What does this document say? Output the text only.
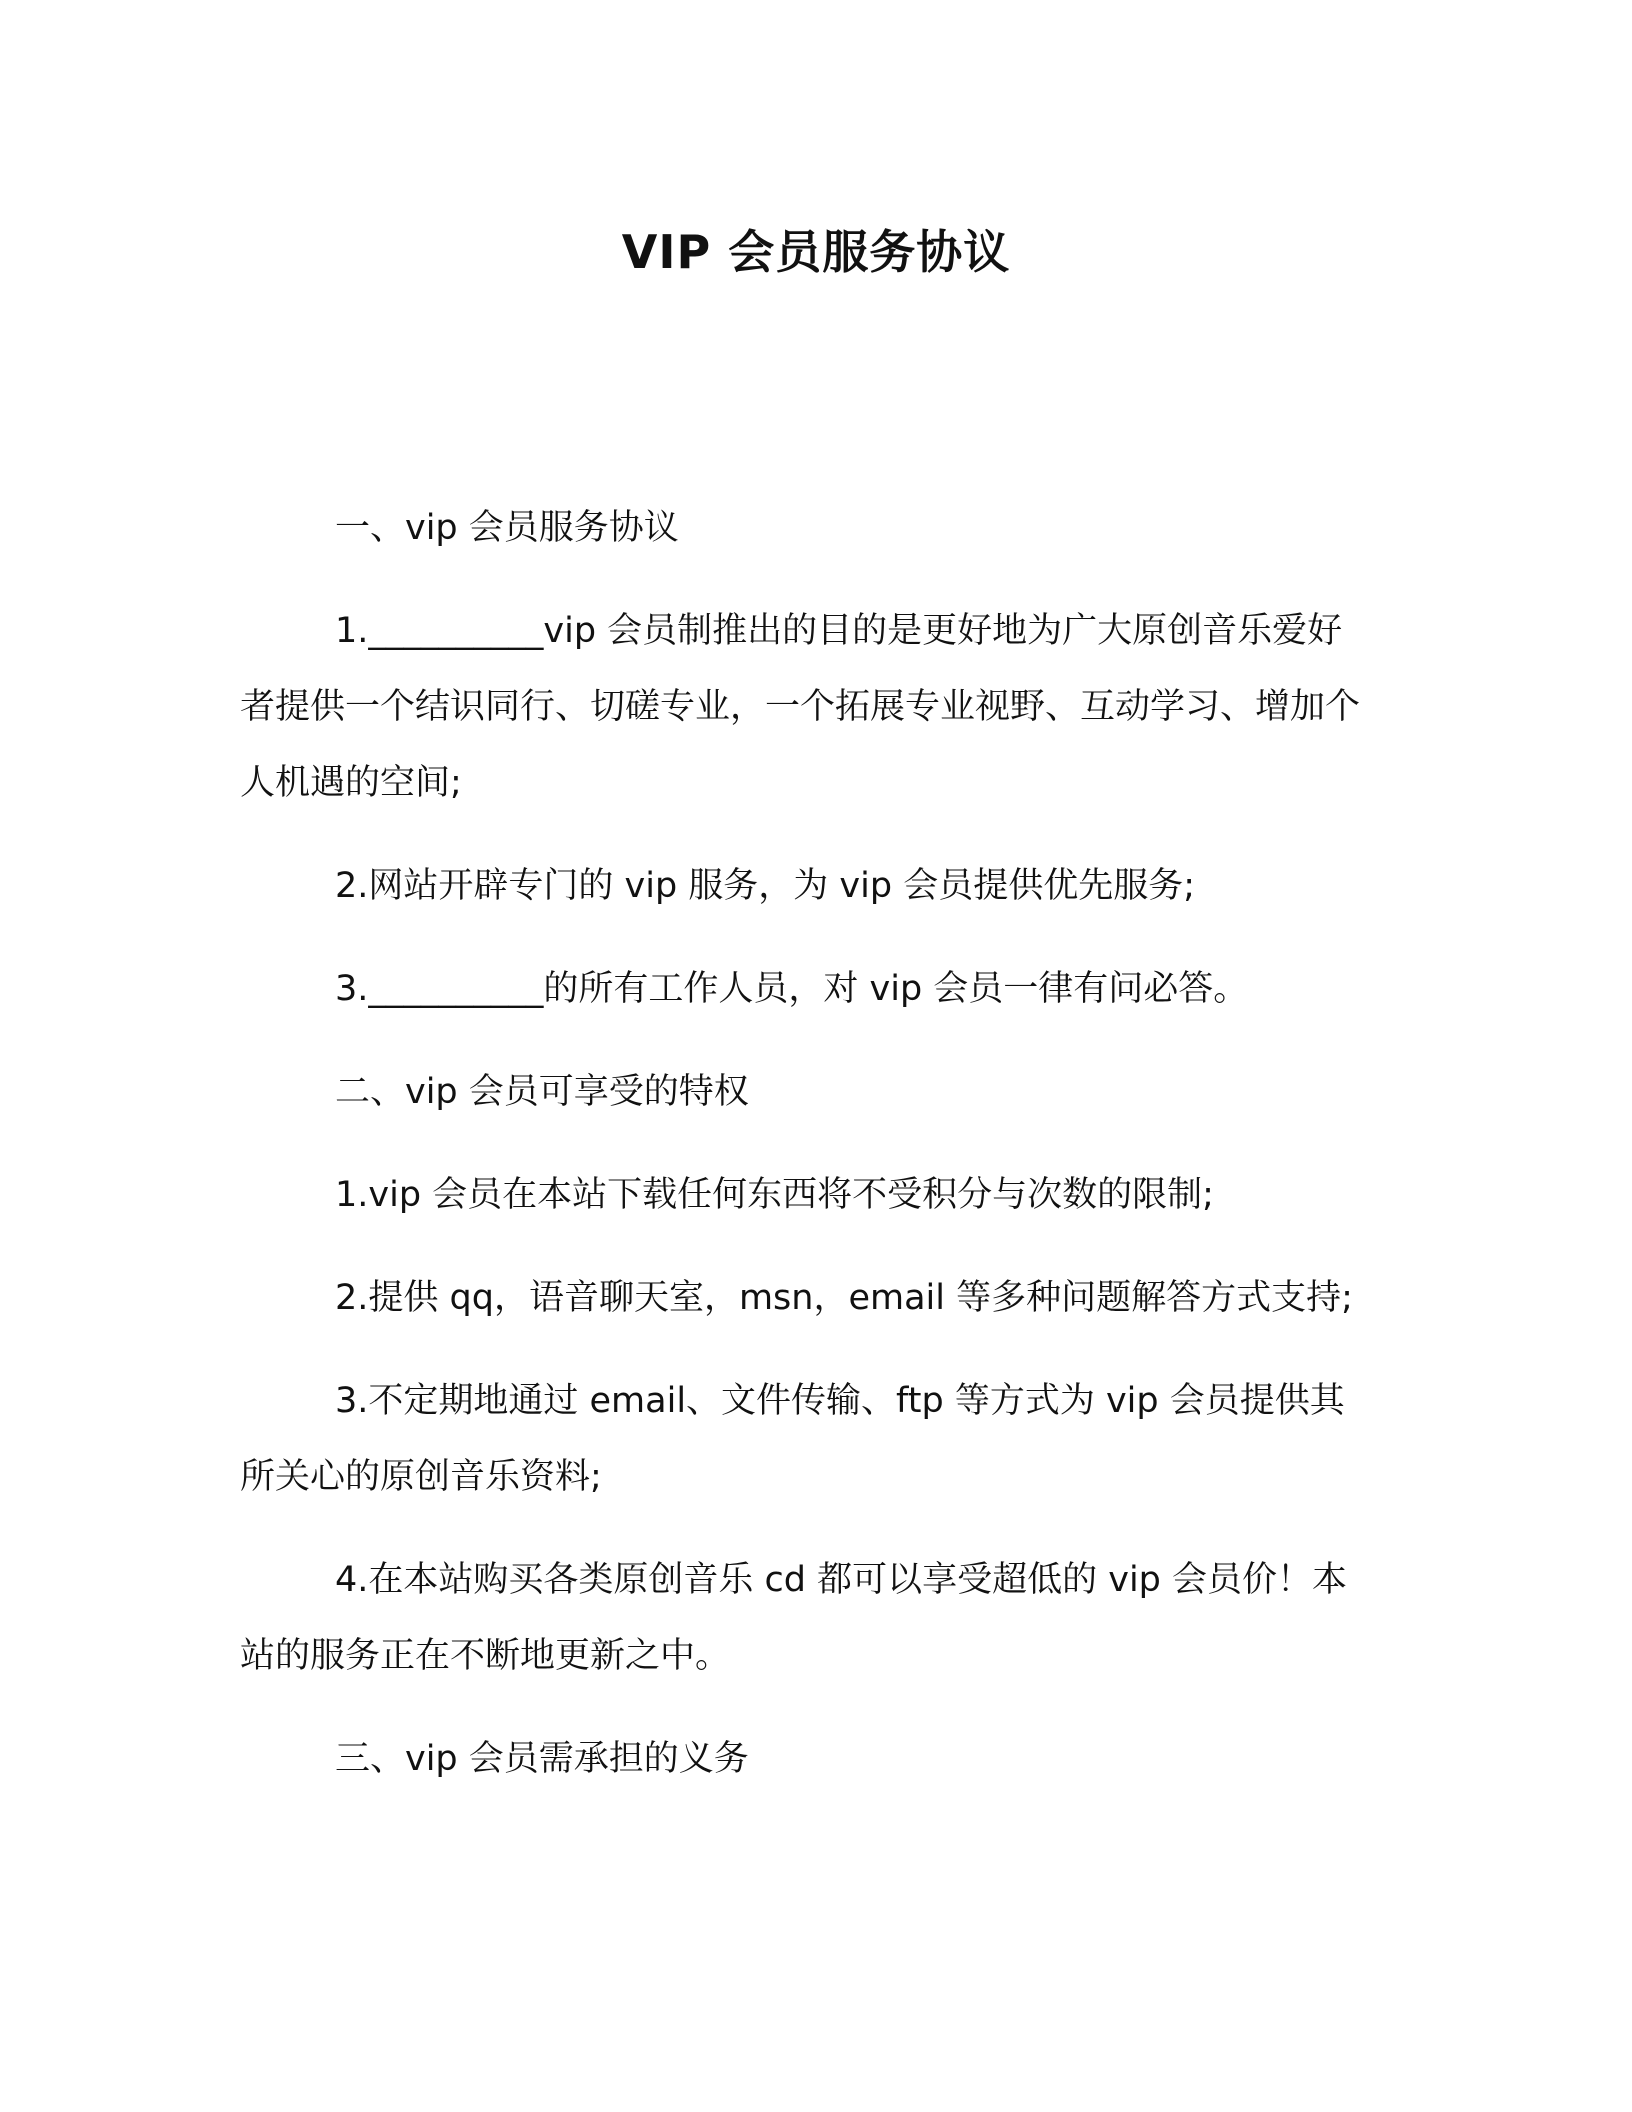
VIP 会员服务协议

一、vip 会员服务协议

1.__________vip 会员制推出的目的是更好地为广大原创音乐爱好者提供一个结识同行、切磋专业，一个拓展专业视野、互动学习、增加个人机遇的空间;

2.网站开辟专门的 vip 服务，为 vip 会员提供优先服务;

3.__________的所有工作人员，对 vip 会员一律有问必答。

二、vip 会员可享受的特权

1.vip 会员在本站下载任何东西将不受积分与次数的限制;

2.提供 qq，语音聊天室，msn，email 等多种问题解答方式支持;

3.不定期地通过 email、文件传输、ftp 等方式为 vip 会员提供其所关心的原创音乐资料;

4.在本站购买各类原创音乐 cd 都可以享受超低的 vip 会员价！本站的服务正在不断地更新之中。

三、vip 会员需承担的义务
